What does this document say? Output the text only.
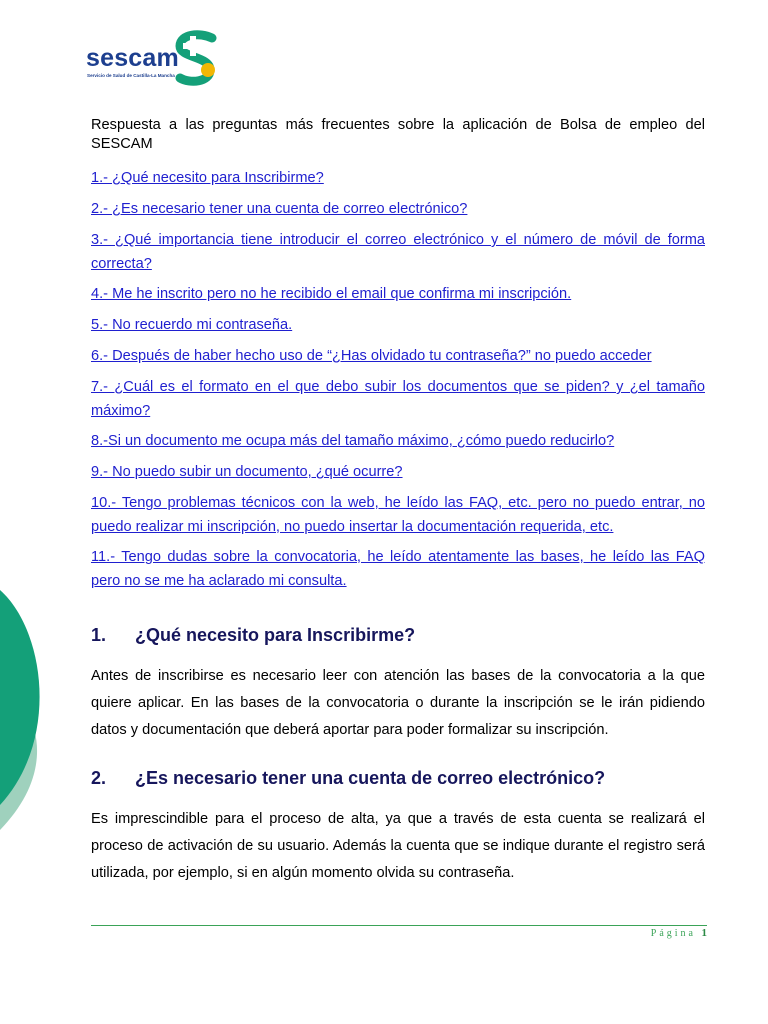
sescam
Servicio de Salud de Castilla-La Mancha

Respuesta a las preguntas más frecuentes sobre la aplicación de Bolsa de empleo del SESCAM

1.- ¿Qué necesito para Inscribirme?
2.- ¿Es necesario tener una cuenta de correo electrónico?
3.- ¿Qué importancia tiene introducir el correo electrónico y el número de móvil de forma correcta?
4.- Me he inscrito pero no he recibido el email que confirma mi inscripción.
5.- No recuerdo mi contraseña.
6.- Después de haber hecho uso de “¿Has olvidado tu contraseña?” no puedo acceder
7.- ¿Cuál es el formato en el que debo subir los documentos que se piden? y ¿el tamaño máximo?
8.-Si un documento me ocupa más del tamaño máximo, ¿cómo puedo reducirlo?
9.- No puedo subir un documento, ¿qué ocurre?
10.- Tengo problemas técnicos con la web, he leído las FAQ, etc. pero no puedo entrar, no puedo realizar mi inscripción, no puedo insertar la documentación requerida, etc.
11.- Tengo dudas sobre la convocatoria, he leído atentamente las bases, he leído las FAQ pero no se me ha aclarado mi consulta.
1.	¿Qué necesito para Inscribirme?

Antes de inscribirse es necesario leer con atención las bases de la convocatoria a la que quiere aplicar. En las bases de la convocatoria o durante la inscripción se le irán pidiendo datos y documentación que deberá aportar para poder formalizar su inscripción.

2.	¿Es necesario tener una cuenta de correo electrónico?

Es imprescindible para el proceso de alta, ya que a través de esta cuenta se realizará el proceso de activación de su usuario. Además la cuenta que se indique durante el registro será utilizada, por ejemplo, si en algún momento olvida su contraseña.

Página 1
